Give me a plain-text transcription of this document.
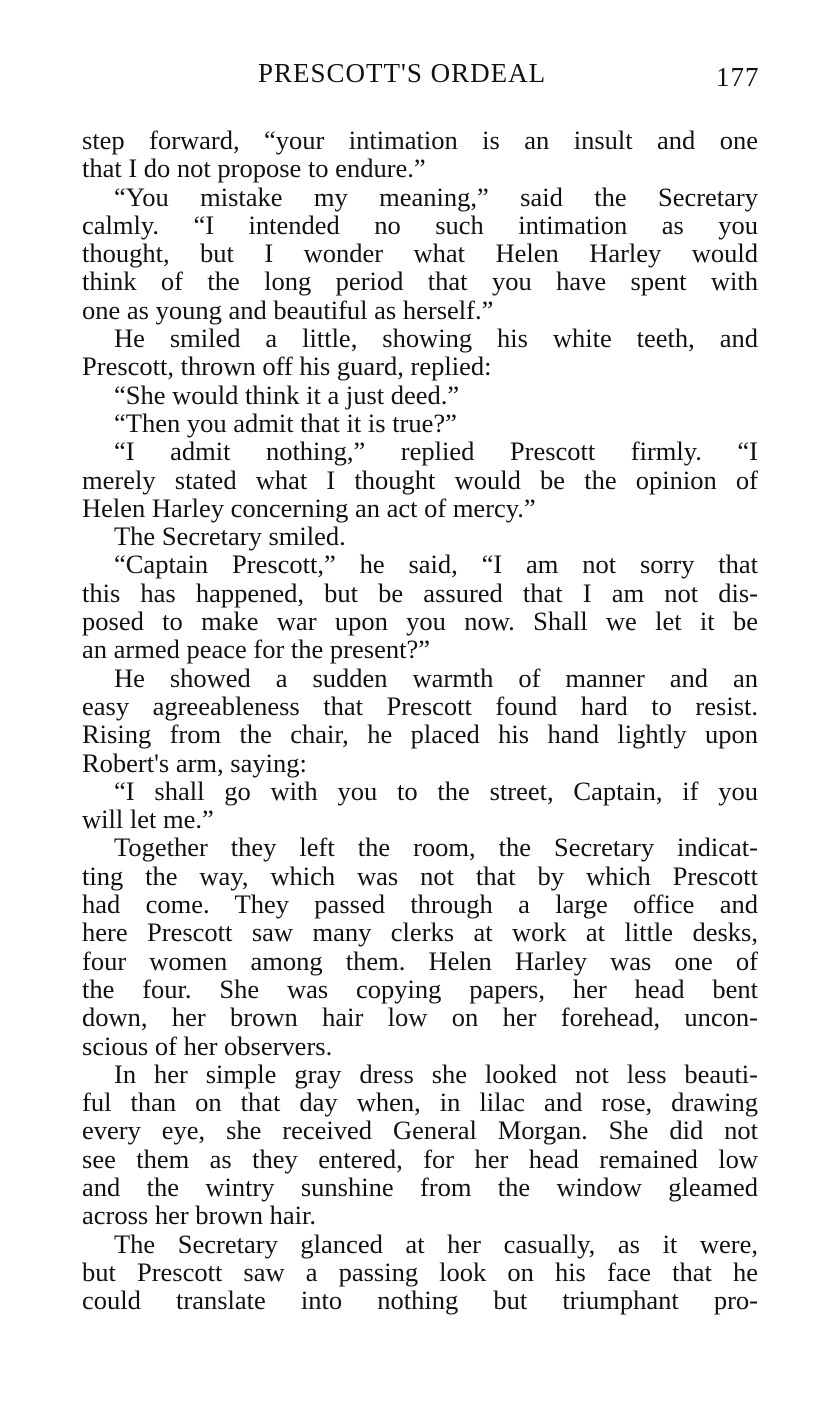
PRESCOTT'S ORDEAL	177

step forward, “your intimation is an insult and one
that I do not propose to endure.”

“You mistake my meaning,” said the Secretary
calmly. “I intended no such intimation as you
thought, but I wonder what Helen Harley would
think of the long period that you have spent with
one as young and beautiful as herself.”

He smiled a little, showing his white teeth, and
Prescott, thrown off his guard, replied:

“She would think it a just deed.”

“Then you admit that it is true?”

“I admit nothing,” replied Prescott firmly. “I
merely stated what I thought would be the opinion of
Helen Harley concerning an act of mercy.”

The Secretary smiled.

“Captain Prescott,” he said, “I am not sorry that
this has happened, but be assured that I am not dis-
posed to make war upon you now. Shall we let it be
an armed peace for the present?”

He showed a sudden warmth of manner and an
easy agreeableness that Prescott found hard to resist.
Rising from the chair, he placed his hand lightly upon
Robert's arm, saying:

“I shall go with you to the street, Captain, if you
will let me.”

Together they left the room, the Secretary indicat-
ting the way, which was not that by which Prescott
had come. They passed through a large office and
here Prescott saw many clerks at work at little desks,
four women among them. Helen Harley was one of
the four. She was copying papers, her head bent
down, her brown hair low on her forehead, uncon-
scious of her observers.

In her simple gray dress she looked not less beauti-
ful than on that day when, in lilac and rose, drawing
every eye, she received General Morgan. She did not
see them as they entered, for her head remained low
and the wintry sunshine from the window gleamed
across her brown hair.

The Secretary glanced at her casually, as it were,
but Prescott saw a passing look on his face that he
could translate into nothing but triumphant pro-
